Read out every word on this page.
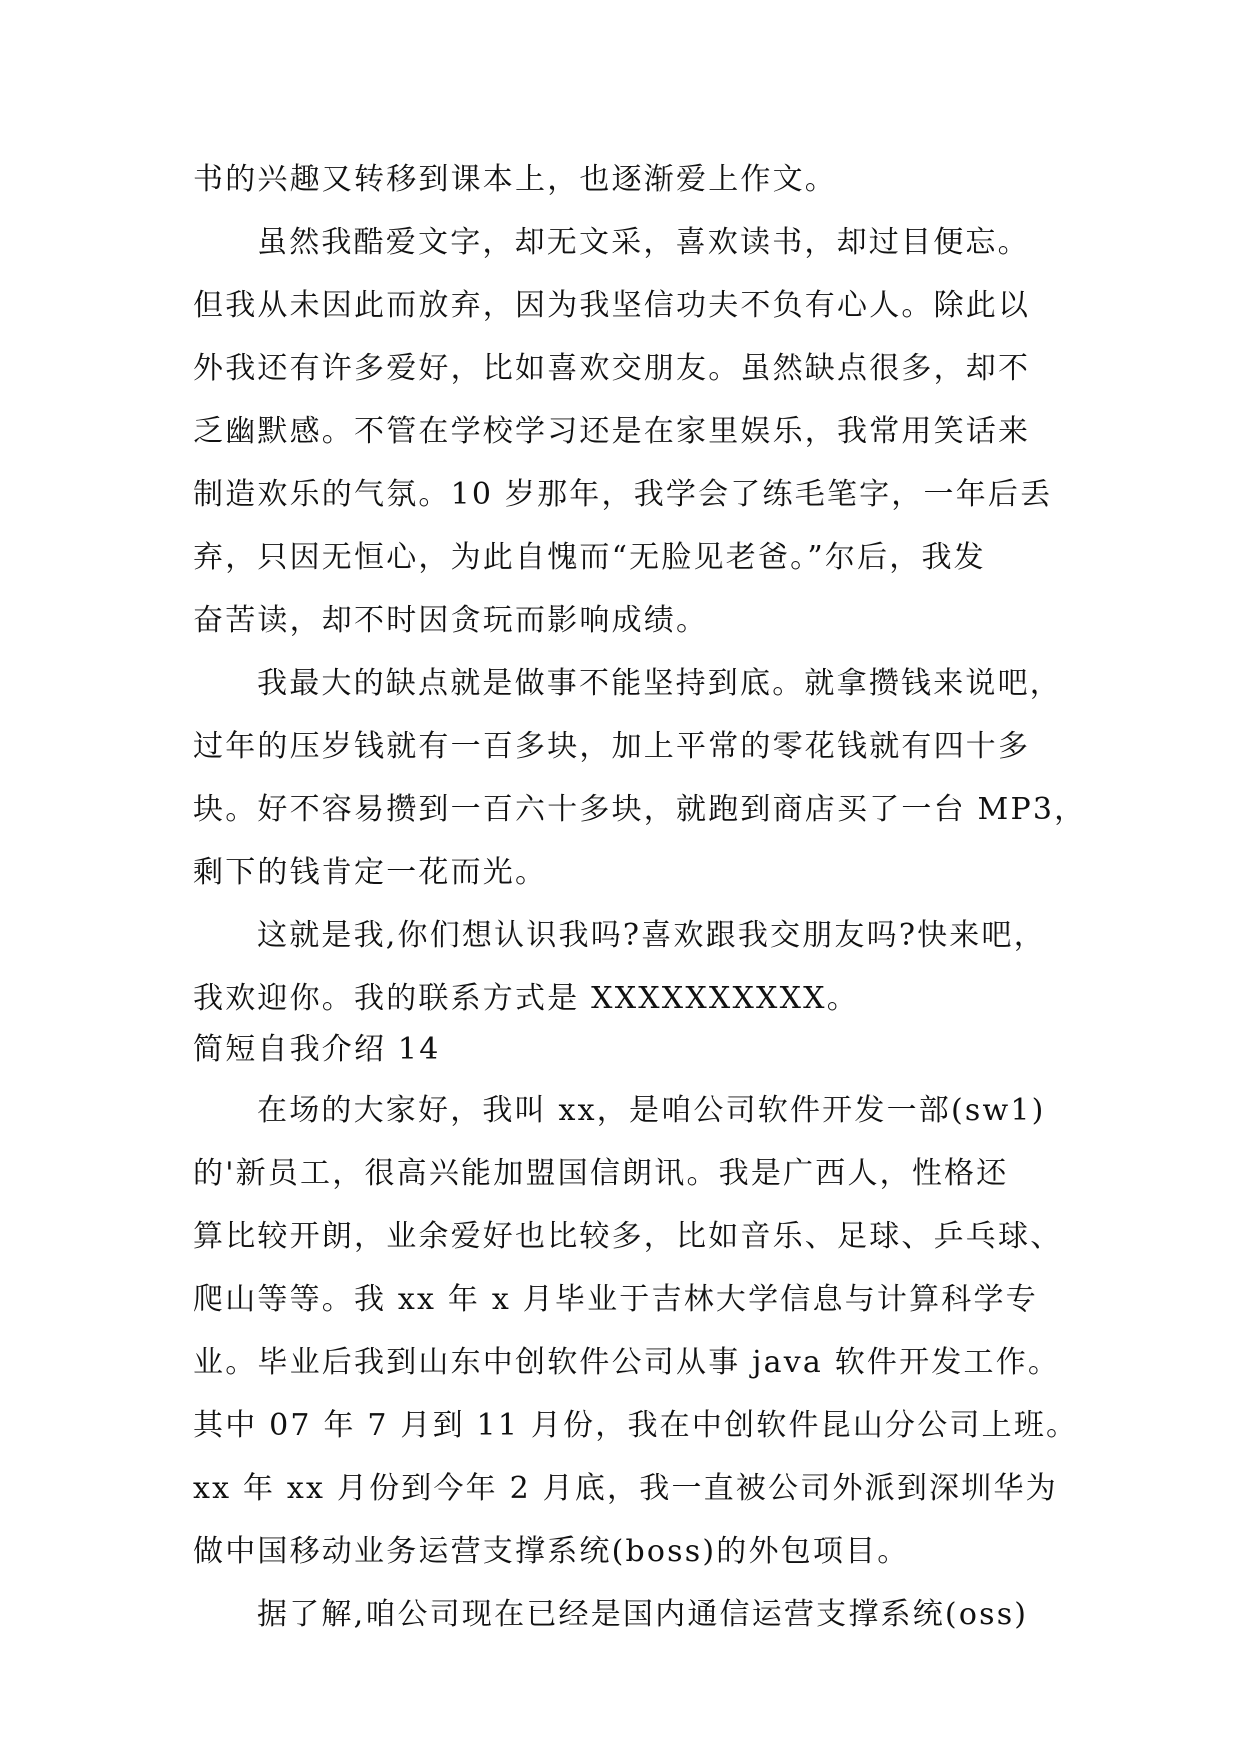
书的兴趣又转移到课本上，也逐渐爱上作文。
虽然我酷爱文字，却无文采，喜欢读书，却过目便忘。
但我从未因此而放弃，因为我坚信功夫不负有心人。除此以
外我还有许多爱好，比如喜欢交朋友。虽然缺点很多，却不
乏幽默感。不管在学校学习还是在家里娱乐，我常用笑话来
制造欢乐的气氛。10 岁那年，我学会了练毛笔字，一年后丢
弃，只因无恒心，为此自愧而“无脸见老爸。”尔后，我发
奋苦读，却不时因贪玩而影响成绩。
我最大的缺点就是做事不能坚持到底。就拿攒钱来说吧，
过年的压岁钱就有一百多块，加上平常的零花钱就有四十多
块。好不容易攒到一百六十多块，就跑到商店买了一台 MP3，
剩下的钱肯定一花而光。
这就是我,你们想认识我吗?喜欢跟我交朋友吗?快来吧，
我欢迎你。我的联系方式是 XXXXXXXXXX。
简短自我介绍 14
在场的大家好，我叫 xx，是咱公司软件开发一部(sw1)
的'新员工，很高兴能加盟国信朗讯。我是广西人，性格还
算比较开朗，业余爱好也比较多，比如音乐、足球、乒乓球、
爬山等等。我 xx 年 x 月毕业于吉林大学信息与计算科学专
业。毕业后我到山东中创软件公司从事 java 软件开发工作。
其中 07 年 7 月到 11 月份，我在中创软件昆山分公司上班。
xx 年 xx 月份到今年 2 月底，我一直被公司外派到深圳华为
做中国移动业务运营支撑系统(boss)的外包项目。
据了解,咱公司现在已经是国内通信运营支撑系统(oss)
